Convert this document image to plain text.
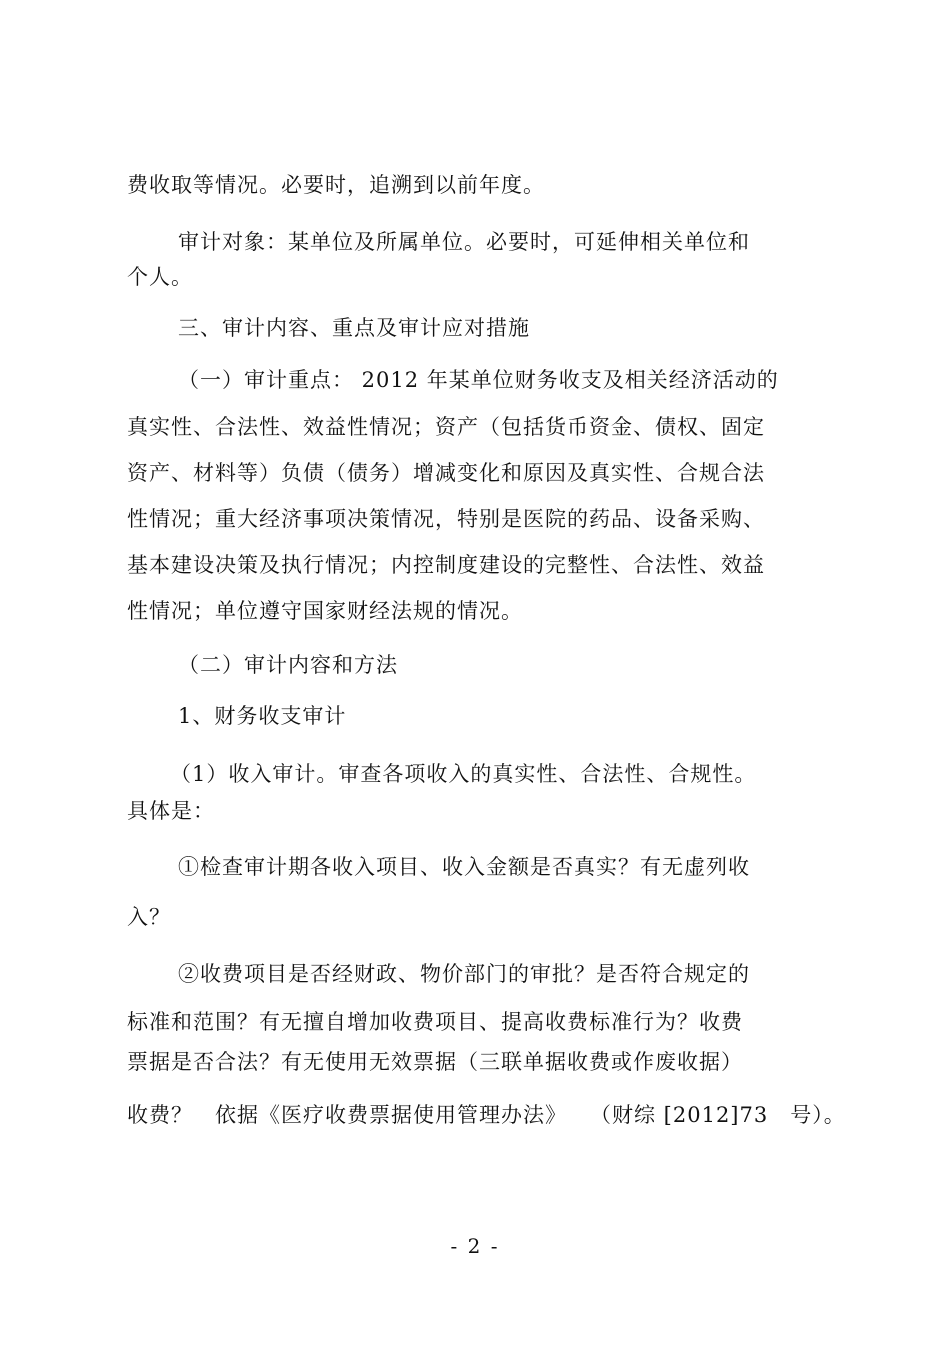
费收取等情况。必要时，追溯到以前年度。
审计对象：某单位及所属单位。必要时，可延伸相关单位和
个人。
三、审计内容、重点及审计应对措施
（一）审计重点： 2012 年某单位财务收支及相关经济活动的
真实性、合法性、效益性情况；资产（包括货币资金、债权、固定
资产、材料等）负债（债务）增减变化和原因及真实性、合规合法
性情况；重大经济事项决策情况，特别是医院的药品、设备采购、
基本建设决策及执行情况；内控制度建设的完整性、合法性、效益
性情况；单位遵守国家财经法规的情况。
（二）审计内容和方法
1、财务收支审计
（1）收入审计。审查各项收入的真实性、合法性、合规性。
具体是：
①检查审计期各收入项目、收入金额是否真实？有无虚列收
入？
②收费项目是否经财政、物价部门的审批？是否符合规定的
标准和范围？有无擅自增加收费项目、提高收费标准行为？收费
票据是否合法？有无使用无效票据（三联单据收费或作废收据）
收费？　依据《医疗收费票据使用管理办法》　　（财综 [2012]73　号）。
- 2 -
